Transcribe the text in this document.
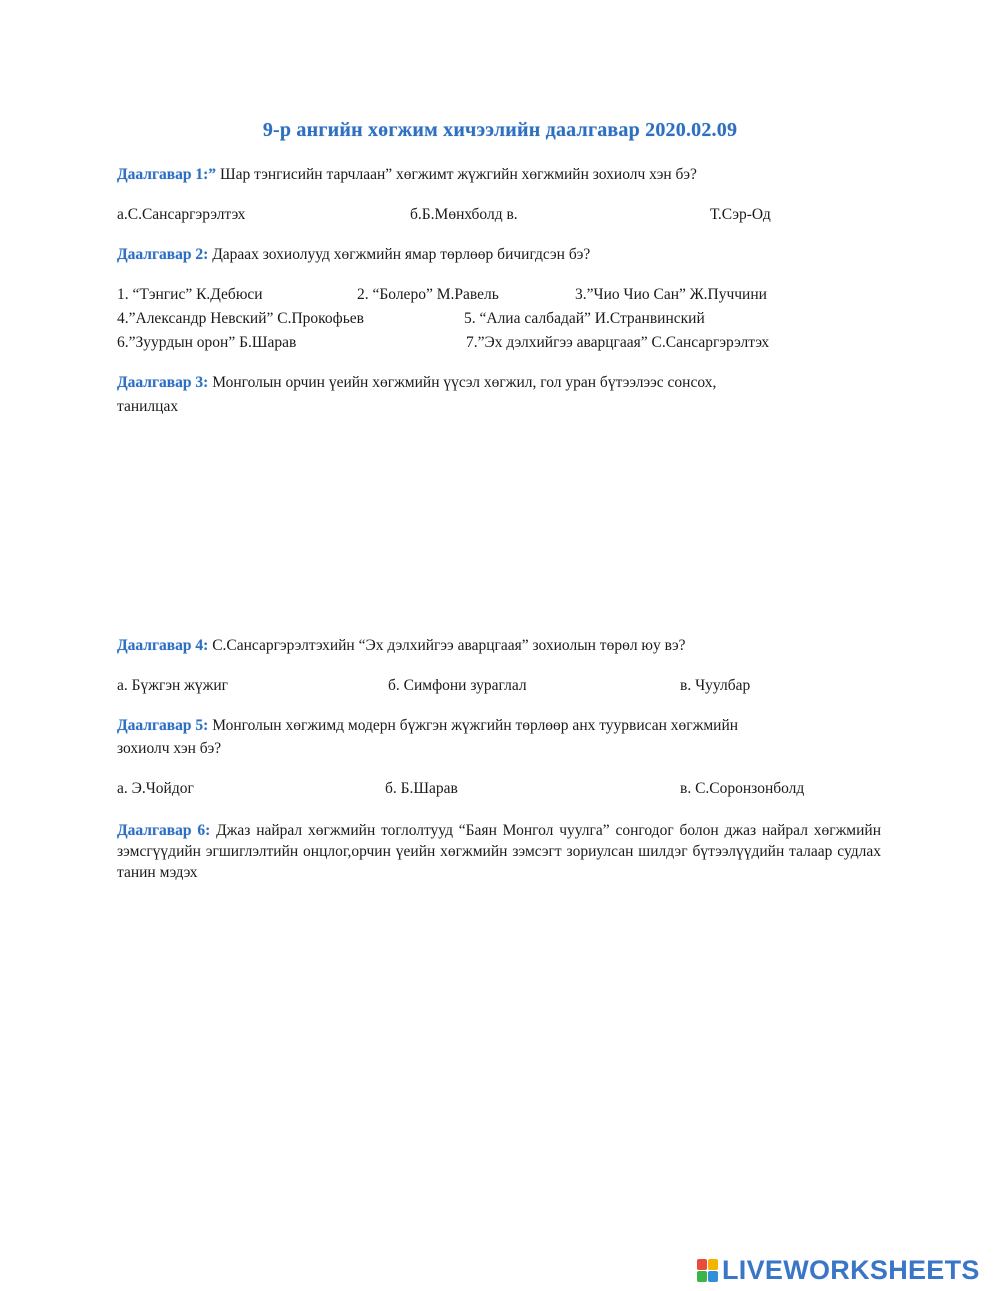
9-р ангийн хөгжим хичээлийн даалгавар 2020.02.09
Даалгавар 1:” Шар тэнгисийн тарчлаан” хөгжимт жүжгийн хөгжмийн зохиолч хэн бэ?
а.С.Сансаргэрэлтэх	б.Б.Мөнхболд в.	Т.Сэр-Од
Даалгавар 2: Дараах зохиолууд хөгжмийн ямар төрлөөр бичигдсэн бэ?
1. “Тэнгис” К.Дебюси	2. “Болеро” М.Равель	3.”Чио Чио Сан” Ж.Пуччини
4.”Александр Невский” С.Прокофьев	5. “Алиа салбадай” И.Странвинский
6.”Зуурдын орон” Б.Шарав	7.”Эх дэлхийгээ аварцгаая” С.Сансаргэрэлтэх
Даалгавар 3: Монголын орчин үеийн хөгжмийн үүсэл хөгжил, гол уран бүтээлээс сонсох,
танилцах
Даалгавар 4: С.Сансаргэрэлтэхийн “Эх дэлхийгээ аварцгаая” зохиолын төрөл юу вэ?
а. Бүжгэн жүжиг	б. Симфони зураглал	в. Чуулбар
Даалгавар 5: Монголын хөгжимд модерн бүжгэн жүжгийн төрлөөр анх туурвисан хөгжмийн
зохиолч хэн бэ?
а. Э.Чойдог	б. Б.Шарав	в. С.Соронзонболд
Даалгавар 6: Джаз найрал хөгжмийн тоглолтууд “Баян Монгол чуулга” сонгодог болон джаз найрал хөгжмийн зэмсгүүдийн эгшиглэлтийн онцлог,орчин үеийн хөгжмийн зэмсэгт зориулсан шилдэг бүтээлүүдийн талаар судлах танин мэдэх
LIVEWORKSHEETS
